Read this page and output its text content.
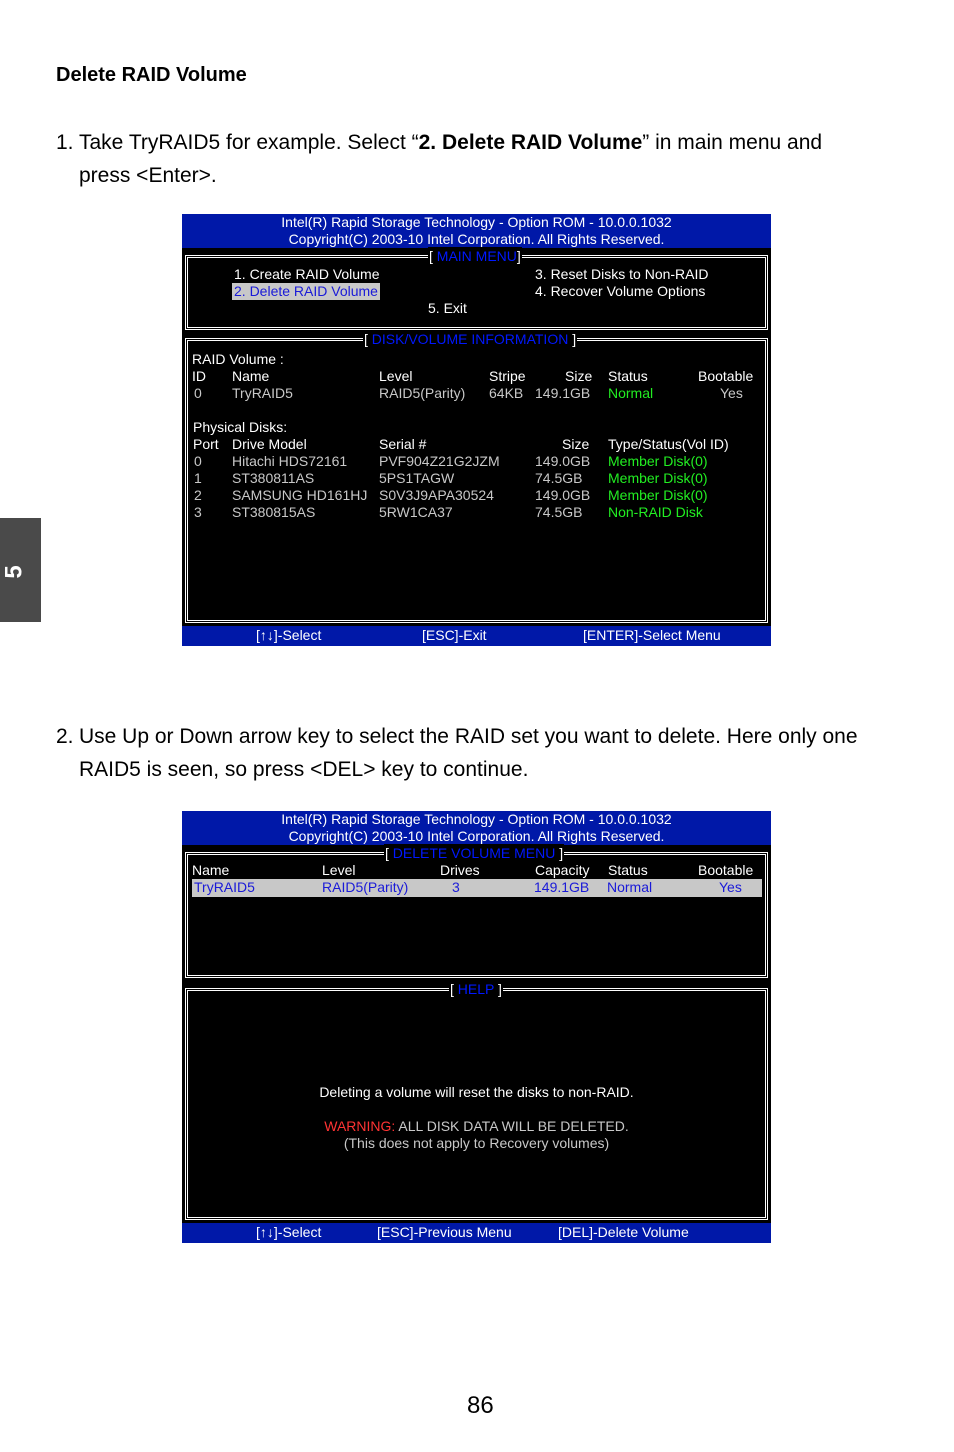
Delete RAID Volume
1. Take TryRAID5 for example. Select “2. Delete RAID Volume” in main menu and
press <Enter>.
5
Intel(R) Rapid Storage Technology - Option ROM - 10.0.0.1032
Copyright(C) 2003-10 Intel Corporation. All Rights Reserved.
[ MAIN MENU]
1. Create RAID Volume
2. Delete RAID Volume
3. Reset Disks to Non-RAID
4. Recover Volume Options
5. Exit
[ DISK/VOLUME INFORMATION ]
RAID Volume :
ID Name	Level	Stripe	Size Status	Bootable
0 TryRAID5	RAID5(Parity) 64KB 149.1GB Normal	Yes
Physical Disks:
Port Drive Model	Serial #	Size Type/Status(Vol ID)
0 Hitachi HDS72161 PVF904Z21G2JZM	149.0GB Member Disk(0)
1 ST380811AS	5PS1TAGW	74.5GB Member Disk(0)
2 SAMSUNG HD161HJ S0V3J9APA30524	149.0GB Member Disk(0)
3 ST380815AS	5RW1CA37	74.5GB Non-RAID Disk
[↑↓]-Select	[ESC]-Exit	[ENTER]-Select Menu
2. Use Up or Down arrow key to select the RAID set you want to delete. Here only one
RAID5 is seen, so press <DEL> key to continue.
Intel(R) Rapid Storage Technology - Option ROM - 10.0.0.1032
Copyright(C) 2003-10 Intel Corporation. All Rights Reserved.
[ DELETE VOLUME MENU ]
Name	Level	Drives	Capacity Status	Bootable
TryRAID5	RAID5(Parity)	3	149.1GB Normal	Yes
[ HELP ]
Deleting a volume will reset the disks to non-RAID.
WARNING: ALL DISK DATA WILL BE DELETED.
(This does not apply to Recovery volumes)
[↑↓]-Select	[ESC]-Previous Menu	[DEL]-Delete Volume
86
